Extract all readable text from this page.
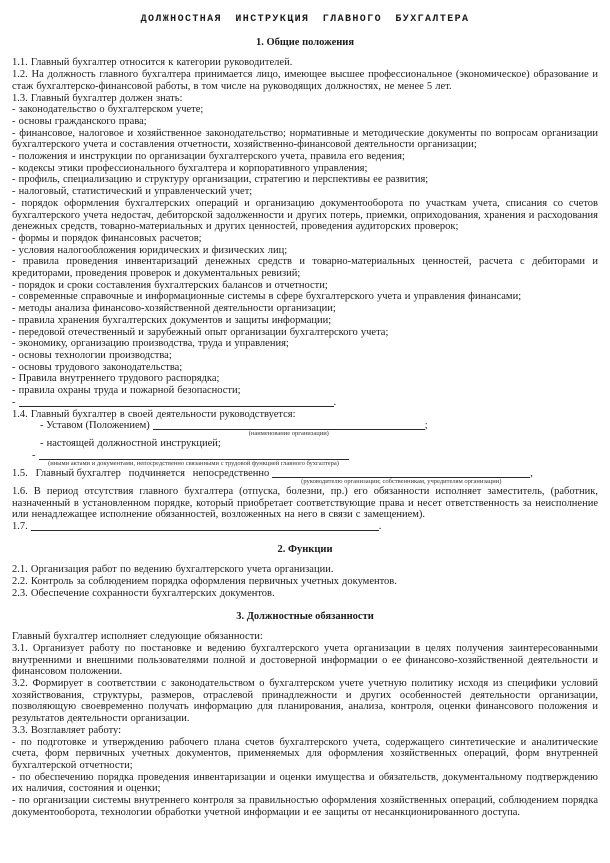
ДОЛЖНОСТНАЯ ИНСТРУКЦИЯ ГЛАВНОГО БУХГАЛТЕРА
1. Общие положения
1.1. Главный бухгалтер относится к категории руководителей.
1.2. На должность главного бухгалтера принимается лицо, имеющее высшее профессиональное (экономическое) образование и стаж бухгалтерско-финансовой работы, в том числе на руководящих должностях, не менее 5 лет.
1.3. Главный бухгалтер должен знать:
- законодательство о бухгалтерском учете;
- основы гражданского права;
- финансовое, налоговое и хозяйственное законодательство; нормативные и методические документы по вопросам организации бухгалтерского учета и составления отчетности, хозяйственно-финансовой деятельности организации;
- положения и инструкции по организации бухгалтерского учета, правила его ведения;
- кодексы этики профессионального бухгалтера и корпоративного управления;
- профиль, специализацию и структуру организации, стратегию и перспективы ее развития;
- налоговый, статистический и управленческий учет;
- порядок оформления бухгалтерских операций и организацию документооборота по участкам учета, списания со счетов бухгалтерского учета недостач, дебиторской задолженности и других потерь, приемки, оприходования, хранения и расходования денежных средств, товарно-материальных и других ценностей, проведения аудиторских проверок;
- формы и порядок финансовых расчетов;
- условия налогообложения юридических и физических лиц;
- правила проведения инвентаризаций денежных средств и товарно-материальных ценностей, расчета с дебиторами и кредиторами, проведения проверок и документальных ревизий;
- порядок и сроки составления бухгалтерских балансов и отчетности;
- современные справочные и информационные системы в сфере бухгалтерского учета и управления финансами;
- методы анализа финансово-хозяйственной деятельности организации;
- правила хранения бухгалтерских документов и защиты информации;
- передовой отечественный и зарубежный опыт организации бухгалтерского учета;
- экономику, организацию производства, труда и управления;
- основы технологии производства;
- основы трудового законодательства;
- Правила внутреннего трудового распорядка;
- правила охраны труда и пожарной безопасности;
-	.
1.4. Главный бухгалтер в своей деятельности руководствуется:
- Уставом (Положением)
(наименование организации)
;
- настоящей должностной инструкцией;
-
(иными актами и документами, непосредственно связанными с трудовой функцией главного бухгалтера)
1.5.   Главный бухгалтер   подчиняется   непосредственно
(руководителю организации; собственникам, учредителям организации)
,
1.6. В период отсутствия главного бухгалтера (отпуска, болезни, пр.) его обязанности исполняет заместитель, (работник, назначенный в установленном порядке, который приобретает соответствующие права и несет ответственность за неисполнение или ненадлежащее исполнение обязанностей, возложенных на него в связи с замещением).
1.7.	.
2. Функции
2.1. Организация работ по ведению бухгалтерского учета организации.
2.2. Контроль за соблюдением порядка оформления первичных учетных документов.
2.3. Обеспечение сохранности бухгалтерских документов.
3. Должностные обязанности
Главный бухгалтер исполняет следующие обязанности:
3.1. Организует работу по постановке и ведению бухгалтерского учета организации в целях получения заинтересованными внутренними и внешними пользователями полной и достоверной информации о ее финансово-хозяйственной деятельности и финансовом положении.
3.2. Формирует в соответствии с законодательством о бухгалтерском учете учетную политику исходя из специфики условий хозяйствования, структуры, размеров, отраслевой принадлежности и других особенностей деятельности организации, позволяющую своевременно получать информацию для планирования, анализа, контроля, оценки финансового положения и результатов деятельности организации.
3.3. Возглавляет работу:
- по подготовке и утверждению рабочего плана счетов бухгалтерского учета, содержащего синтетические и аналитические счета, форм первичных учетных документов, применяемых для оформления хозяйственных операций, форм внутренней бухгалтерской отчетности;
- по обеспечению порядка проведения инвентаризации и оценки имущества и обязательств, документальному подтверждению их наличия, состояния и оценки;
- по организации системы внутреннего контроля за правильностью оформления хозяйственных операций, соблюдением порядка документооборота, технологии обработки учетной информации и ее защиты от несанкционированного доступа.
